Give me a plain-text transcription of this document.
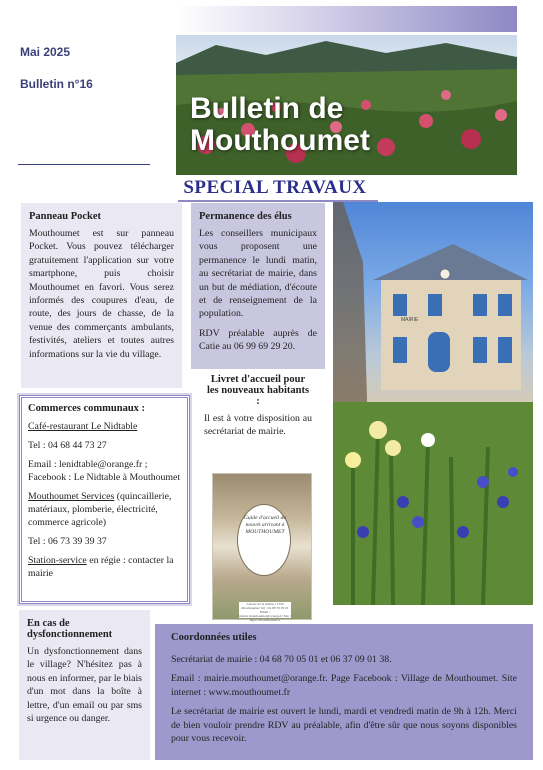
Mai 2025
Bulletin n°16
Bulletin de Mouthoumet
SPECIAL TRAVAUX
Panneau Pocket
Mouthoumet est sur panneau Pocket. Vous pouvez télécharger gratuitement l'application sur votre smartphone, puis choisir Mouthoumet en favori. Vous serez informés des coupures d'eau, de route, des jours de chasse, de la venue des commerçants ambulants, festivités, ateliers et toutes autres informations sur la vie du village.
Permanence des élus
Les conseillers municipaux vous proposent une permanence le lundi matin, au secrétariat de mairie, dans un but de médiation, d'écoute et de renseignement de la population.
RDV préalable auprès de Catie au 06 99 69 29 20.
Livret d'accueil pour les nouveaux habitants :
Il est à votre disposition au secrétariat de mairie.
Guide d'accueil du nouvel arrivant à MOUTHOUMET
Lefoux de la mairie 11330 Mouthoumet Tél : 04 68 70 05 01 Email : mairie.mouthoumet@orange.fr Site : https://mouthoumet.fr
Commerces communaux :
Café-restaurant Le Nidtable
Tel : 04 68 44 73 27
Email : lenidtable@orange.fr ; Facebook : Le Nidtable à Mouthoumet
Mouthoumet Services (quincaillerie, matériaux, plomberie, électricité, commerce agricole)
Tel : 06 73 39 39 37
Station-service en régie : contacter la mairie
MAIRIE
En cas de dysfonctionnement
Un dysfonctionnement dans le village? N'hésitez pas à nous en informer, par le biais d'un mot dans la boîte à lettre, d'un email ou par sms si urgence ou danger.
Coordonnées utiles
Secrétariat de mairie : 04 68 70 05 01 et 06 37 09 01 38.
Email : mairie.mouthoumet@orange.fr. Page Facebook : Village de Mouthoumet. Site internet : www.mouthoumet.fr
Le secrétariat de mairie est ouvert le lundi, mardi et vendredi matin de 9h à 12h. Merci de bien vouloir prendre RDV au préalable, afin d'être sûr que nous soyons disponibles pour vous recevoir.
